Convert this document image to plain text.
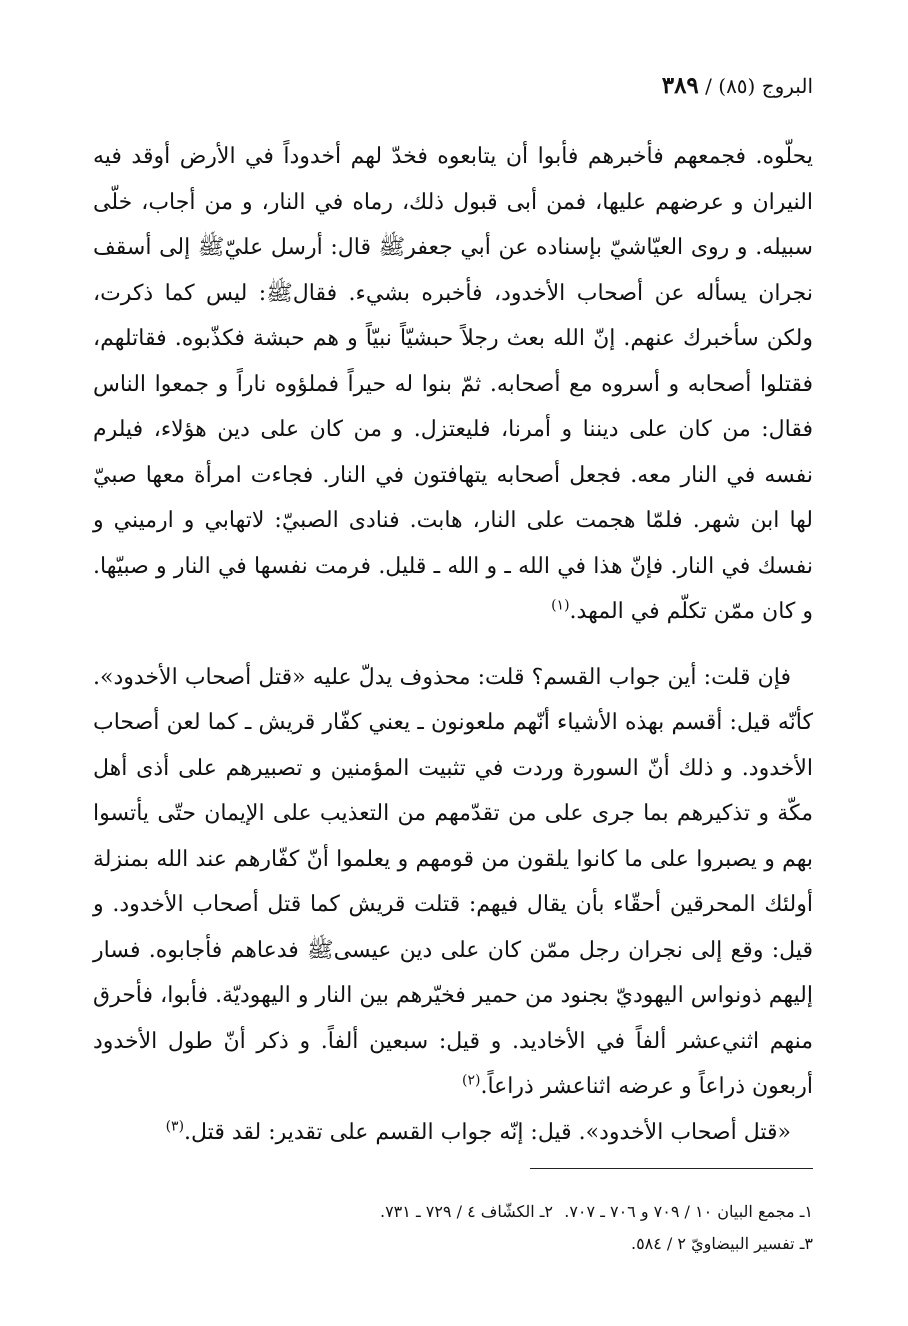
البروج (٨٥) / ٣٨٩

يحلّوه. فجمعهم فأخبرهم فأبوا أن يتابعوه فخدّ لهم أخدوداً في الأرض أوقد فيه النيران و عرضهم عليها، فمن أبى قبول ذلك، رماه في النار، و من أجاب، خلّى سبيله. و روى العيّاشيّ بإسناده عن أبي جعفرﷺ قال: أرسل عليّﷺ إلى أسقف نجران يسأله عن أصحاب الأخدود، فأخبره بشيء. فقالﷺ: ليس كما ذكرت، ولكن سأخبرك عنهم. إنّ الله بعث رجلاً حبشيّاً نبيّاً و هم حبشة فكذّبوه. فقاتلهم، فقتلوا أصحابه و أسروه مع أصحابه. ثمّ بنوا له حيراً فملؤوه ناراً و جمعوا الناس فقال: من كان على ديننا و أمرنا، فليعتزل. و من كان على دين هؤلاء، فيلرم نفسه في النار معه. فجعل أصحابه يتهافتون في النار. فجاءت امرأة معها صبيّ لها ابن شهر. فلمّا هجمت على النار، هابت. فنادى الصبيّ: لاتهابي و ارميني و نفسك في النار. فإنّ هذا في الله ـ و الله ـ قليل. فرمت نفسها في النار و صبيّها. و كان ممّن تكلّم في المهد.$^{(١)}$

فإن قلت: أين جواب القسم؟ قلت: محذوف يدلّ عليه «قتل أصحاب الأخدود». كأنّه قيل: أقسم بهذه الأشياء أنّهم ملعونون ـ يعني كفّار قريش ـ كما لعن أصحاب الأخدود. و ذلك أنّ السورة وردت في تثبيت المؤمنين و تصبيرهم على أذى أهل مكّة و تذكيرهم بما جرى على من تقدّمهم من التعذيب على الإيمان حتّى يأتسوا بهم و يصبروا على ما كانوا يلقون من قومهم و يعلموا أنّ كفّارهم عند الله بمنزلة أولئك المحرقين أحقّاء بأن يقال فيهم: قتلت قريش كما قتل أصحاب الأخدود. و قيل: وقع إلى نجران رجل ممّن كان على دين عيسىﷺ فدعاهم فأجابوه. فسار إليهم ذونواس اليهوديّ بجنود من حمير فخيّرهم بين النار و اليهوديّة. فأبوا، فأحرق منهم اثني‌عشر ألفاً في الأخاديد. و قيل: سبعين ألفاً. و ذكر أنّ طول الأخدود أربعون ذراعاً و عرضه اثناعشر ذراعاً.$^{(٢)}$

«قتل أصحاب الأخدود». قيل: إنّه جواب القسم على تقدير: لقد قتل.$^{(٣)}$

١ـ مجمع البيان ١٠ / ٧٠٩ و ٧٠٦ ـ ٧٠٧.
٢ـ الكشّاف ٤ / ٧٢٩ ـ ٧٣١.
٣ـ تفسير البيضاويّ ٢ / ٥٨٤.
